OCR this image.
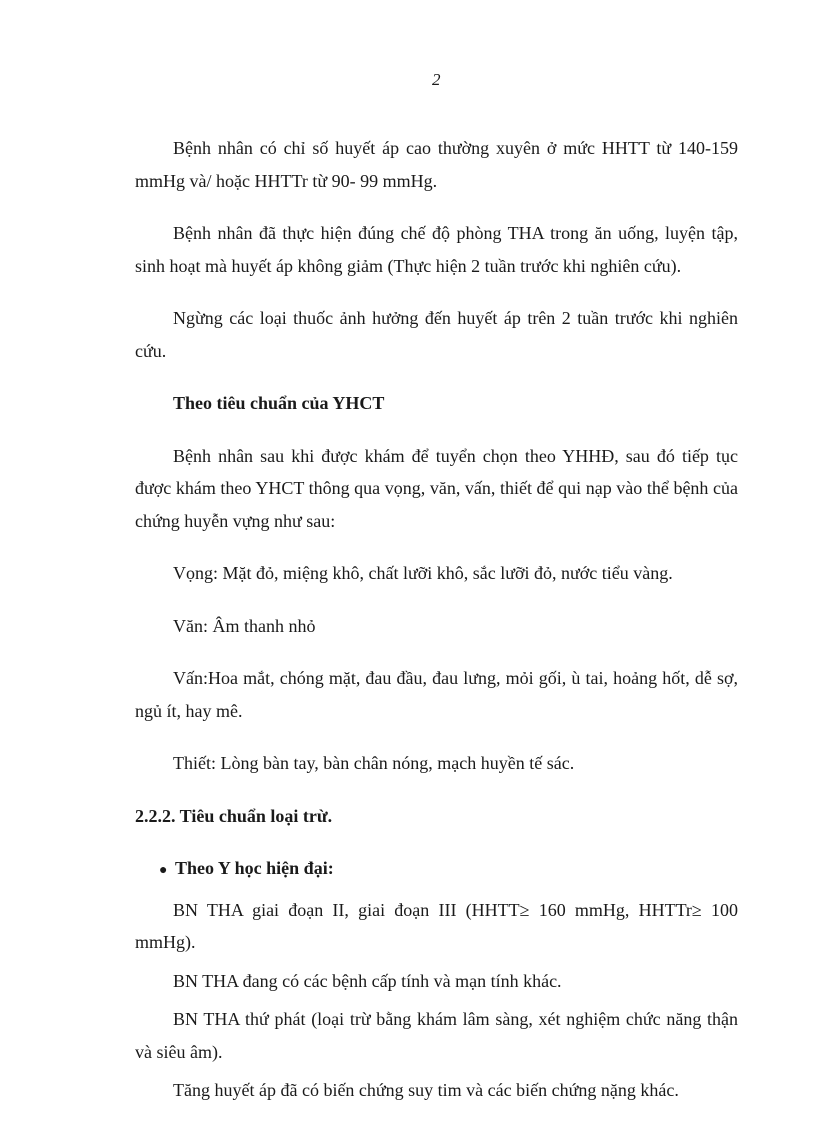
2

Bệnh nhân có chỉ số huyết áp cao thường xuyên ở mức HHTT từ 140-159 mmHg và/ hoặc HHTTr từ 90- 99 mmHg.

Bệnh nhân đã thực hiện đúng chế độ phòng THA trong ăn uống, luyện tập, sinh hoạt mà huyết áp không giảm (Thực hiện 2 tuần trước khi nghiên cứu).

Ngừng các loại thuốc ảnh hưởng đến huyết áp trên 2 tuần trước khi nghiên cứu.

Theo tiêu chuẩn của YHCT

Bệnh nhân sau khi được khám để tuyển chọn theo YHHĐ, sau đó tiếp tục được khám theo YHCT thông qua vọng, văn, vấn, thiết để qui nạp vào thể bệnh của chứng huyễn vựng như sau:

Vọng: Mặt đỏ, miệng khô, chất lưỡi khô, sắc lưỡi đỏ, nước tiểu vàng.

Văn: Âm thanh nhỏ

Vấn:Hoa mắt, chóng mặt, đau đầu, đau lưng, mỏi gối, ù tai, hoảng hốt, dễ sợ, ngủ ít, hay mê.

Thiết: Lòng bàn tay, bàn chân nóng, mạch huyền tế sác.

2.2.2. Tiêu chuẩn loại trừ.

● Theo Y học hiện đại:

BN THA giai đoạn II, giai đoạn III (HHTT≥ 160 mmHg, HHTTr≥ 100 mmHg).

BN THA đang có các bệnh cấp tính và mạn tính khác.

BN THA thứ phát (loại trừ bằng khám lâm sàng, xét nghiệm chức năng thận và siêu âm).

Tăng huyết áp đã có biến chứng suy tim và các biến chứng nặng khác.
